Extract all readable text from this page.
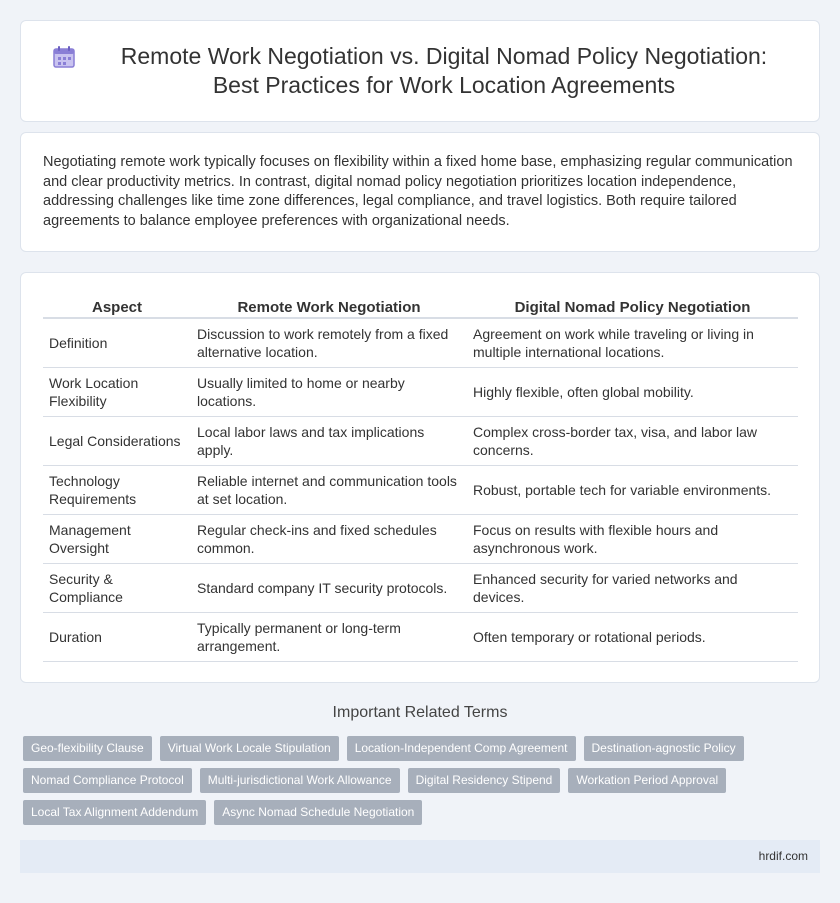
Remote Work Negotiation vs. Digital Nomad Policy Negotiation: Best Practices for Work Location Agreements

Negotiating remote work typically focuses on flexibility within a fixed home base, emphasizing regular communication and clear productivity metrics. In contrast, digital nomad policy negotiation prioritizes location independence, addressing challenges like time zone differences, legal compliance, and travel logistics. Both require tailored agreements to balance employee preferences with organizational needs.

Aspect	Remote Work Negotiation	Digital Nomad Policy Negotiation
Definition	Discussion to work remotely from a fixed alternative location.	Agreement on work while traveling or living in multiple international locations.
Work Location Flexibility	Usually limited to home or nearby locations.	Highly flexible, often global mobility.
Legal Considerations	Local labor laws and tax implications apply.	Complex cross-border tax, visa, and labor law concerns.
Technology Requirements	Reliable internet and communication tools at set location.	Robust, portable tech for variable environments.
Management Oversight	Regular check-ins and fixed schedules common.	Focus on results with flexible hours and asynchronous work.
Security & Compliance	Standard company IT security protocols.	Enhanced security for varied networks and devices.
Duration	Typically permanent or long-term arrangement.	Often temporary or rotational periods.
Important Related Terms
Geo-flexibility Clause	Virtual Work Locale Stipulation	Location-Independent Comp Agreement	Destination-agnostic Policy
Nomad Compliance Protocol	Multi-jurisdictional Work Allowance	Digital Residency Stipend	Workation Period Approval
Local Tax Alignment Addendum	Async Nomad Schedule Negotiation
hrdif.com
